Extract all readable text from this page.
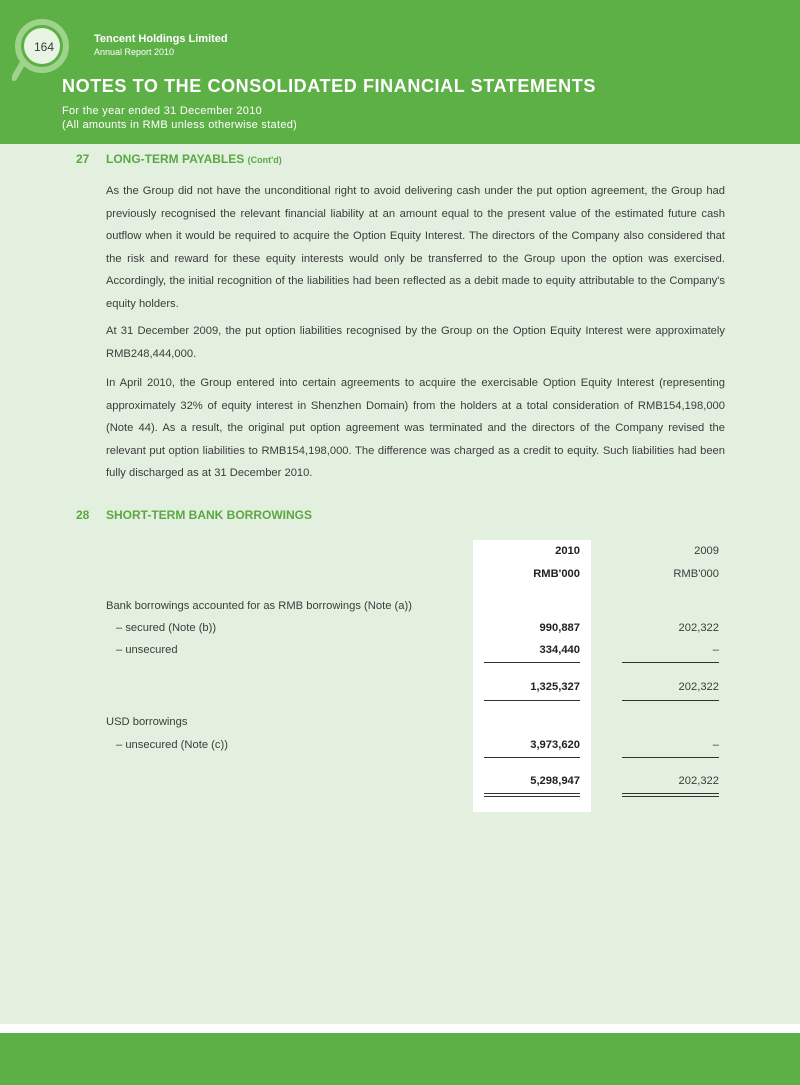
164
Tencent Holdings Limited
Annual Report 2010
NOTES TO THE CONSOLIDATED FINANCIAL STATEMENTS
For the year ended 31 December 2010
(All amounts in RMB unless otherwise stated)
27 LONG-TERM PAYABLES (Cont'd)

As the Group did not have the unconditional right to avoid delivering cash under the put option agreement, the Group had previously recognised the relevant financial liability at an amount equal to the present value of the estimated future cash outflow when it would be required to acquire the Option Equity Interest. The directors of the Company also considered that the risk and reward for these equity interests would only be transferred to the Group upon the option was exercised. Accordingly, the initial recognition of the liabilities had been reflected as a debit made to equity attributable to the Company's equity holders.

At 31 December 2009, the put option liabilities recognised by the Group on the Option Equity Interest were approximately RMB248,444,000.

In April 2010, the Group entered into certain agreements to acquire the exercisable Option Equity Interest (representing approximately 32% of equity interest in Shenzhen Domain) from the holders at a total consideration of RMB154,198,000 (Note 44). As a result, the original put option agreement was terminated and the directors of the Company revised the relevant put option liabilities to RMB154,198,000. The difference was charged as a credit to equity. Such liabilities had been fully discharged as at 31 December 2010.

28 SHORT-TERM BANK BORROWINGS
2010	2009
RMB'000	RMB'000
Bank borrowings accounted for as RMB borrowings (Note (a))
– secured (Note (b))	990,887	202,322
– unsecured	334,440	–
1,325,327	202,322
USD borrowings
– unsecured (Note (c))	3,973,620	–
5,298,947	202,322
